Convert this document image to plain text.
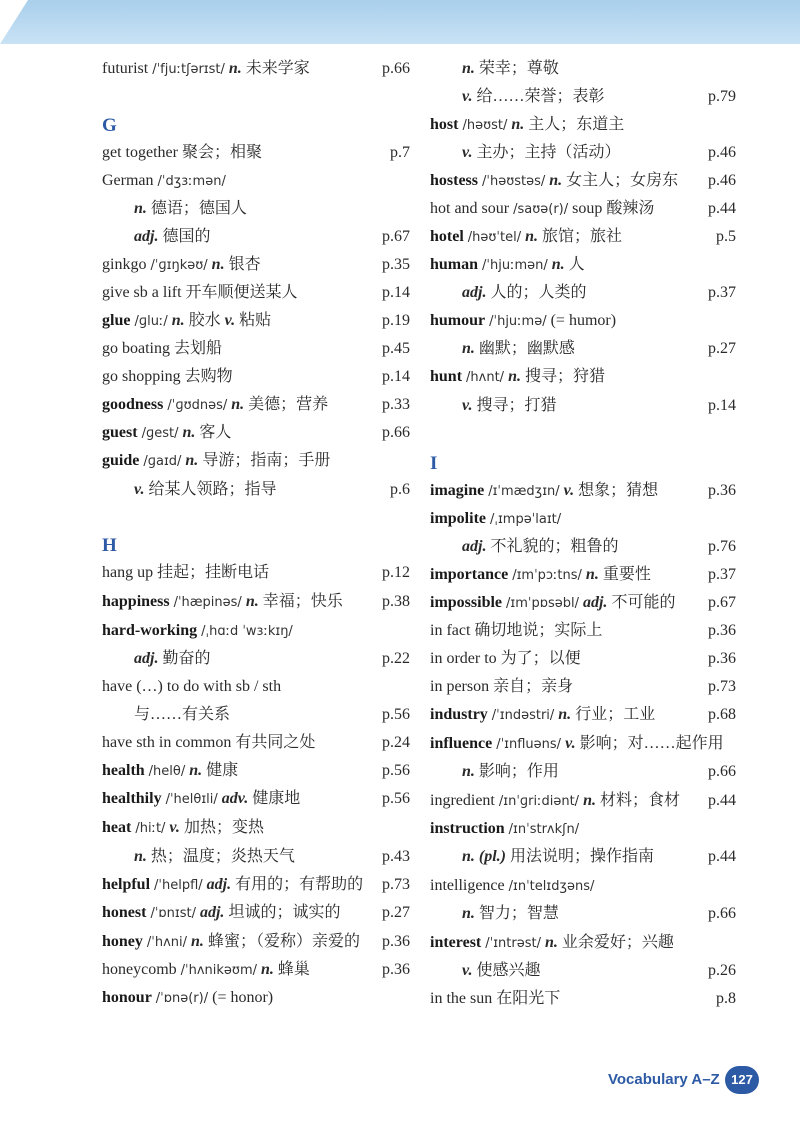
futurist /ˈfjuːtʃərɪst/ n. 未来学家	p.66
G
get together 聚会；相聚	p.7
German /ˈdʒɜːmən/
n. 德语；德国人
adj. 德国的	p.67
ginkgo /ˈɡɪŋkəʊ/ n. 银杏	p.35
give sb a lift 开车顺便送某人	p.14
glue /ɡluː/ n. 胶水 v. 粘贴	p.19
go boating 去划船	p.45
go shopping 去购物	p.14
goodness /ˈɡʊdnəs/ n. 美德；营养	p.33
guest /ɡest/ n. 客人	p.66
guide /ɡaɪd/ n. 导游；指南；手册
v. 给某人领路；指导	p.6
H
hang up 挂起；挂断电话	p.12
happiness /ˈhæpinəs/ n. 幸福；快乐 p.38
hard-working /ˌhɑːd ˈwɜːkɪŋ/
adj. 勤奋的	p.22
have (…) to do with sb / sth
与……有关系	p.56
have sth in common 有共同之处	p.24
health /helθ/ n. 健康	p.56
healthily /ˈhelθɪli/ adv. 健康地	p.56
heat /hiːt/ v. 加热；变热
n. 热；温度；炎热天气	p.43
helpful /ˈhelpfl/ adj. 有用的；有帮助的 p.73
honest /ˈɒnɪst/ adj. 坦诚的；诚实的	p.27
honey /ˈhʌni/ n. 蜂蜜；（爱称）亲爱的 p.36
honeycomb /ˈhʌnikəʊm/ n. 蜂巢	p.36
honour /ˈɒnə(r)/ (= honor)
n. 荣幸；尊敬
v. 给……荣誉；表彰	p.79
host /həʊst/ n. 主人；东道主
v. 主办；主持（活动）	p.46
hostess /ˈhəʊstəs/ n. 女主人；女房东 p.46
hot and sour /saʊə(r)/ soup 酸辣汤	p.44
hotel /həʊˈtel/ n. 旅馆；旅社	p.5
human /ˈhjuːmən/ n. 人
adj. 人的；人类的	p.37
humour /ˈhjuːmə/ (= humor)
n. 幽默；幽默感	p.27
hunt /hʌnt/ n. 搜寻；狩猎
v. 搜寻；打猎	p.14
I
imagine /ɪˈmædʒɪn/ v. 想象；猜想	p.36
impolite /ˌɪmpəˈlaɪt/
adj. 不礼貌的；粗鲁的	p.76
importance /ɪmˈpɔːtns/ n. 重要性	p.37
impossible /ɪmˈpɒsəbl/ adj. 不可能的 p.67
in fact 确切地说；实际上	p.36
in order to 为了；以便	p.36
in person 亲自；亲身	p.73
industry /ˈɪndəstri/ n. 行业；工业	p.68
influence /ˈɪnfluəns/ v. 影响；对……起作用
n. 影响；作用	p.66
ingredient /ɪnˈɡriːdiənt/ n. 材料；食材 p.44
instruction /ɪnˈstrʌkʃn/
n. (pl.) 用法说明；操作指南	p.44
intelligence /ɪnˈtelɪdʒəns/
n. 智力；智慧	p.66
interest /ˈɪntrəst/ n. 业余爱好；兴趣
v. 使感兴趣	p.26
in the sun 在阳光下	p.8
Vocabulary A–Z 127
